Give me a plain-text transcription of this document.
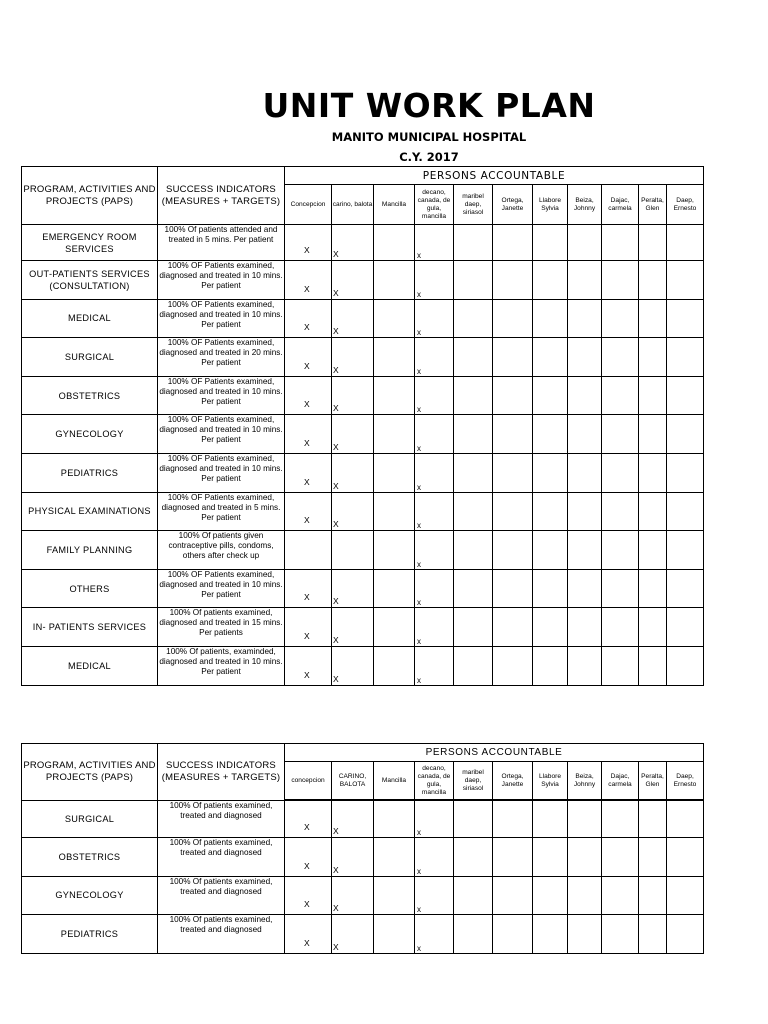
UNIT WORK PLAN
MANITO MUNICIPAL HOSPITAL
C.Y. 2017
PROGRAM, ACTIVITIES AND PROJECTS (PAPS)	SUCCESS INDICATORS (MEASURES + TARGETS)	PERSONS ACCOUNTABLE										
		Concepcion	carino, balota	Mancilla	decano, canada, de gula, mancilla	maribel daep, siriasol	Ortega, Janette	Llabore Sylvia	Beiza, Johnny	Dajac, carmela	Peralta, Glen	Daep, Ernesto
EMERGENCY ROOM SERVICES	100% Of patients attended and treated in 5 mins. Per patient	X	X		x							

OUT-PATIENTS SERVICES (CONSULTATION)	100% OF Patients examined, diagnosed and treated in 10 mins. Per patient	X	X		x							

MEDICAL	100% OF Patients examined, diagnosed and treated in 10 mins. Per patient	X	X		x							

SURGICAL	100% OF Patients examined, diagnosed and treated in 20 mins. Per patient	X	X		x							

OBSTETRICS	100% OF Patients examined, diagnosed and treated in 10 mins. Per patient	X	X		x							

GYNECOLOGY	100% OF Patients examined, diagnosed and treated in 10 mins. Per patient	X	X		x							

PEDIATRICS	100% OF Patients examined, diagnosed and treated in 10 mins. Per patient	X	X		x							

PHYSICAL EXAMINATIONS	100% OF Patients examined, diagnosed and treated in 5 mins. Per patient	X	X		x							

FAMILY PLANNING	100% Of patients given contraceptive pills, condoms, others after check up				x							

OTHERS	100% OF Patients examined, diagnosed and treated in 10 mins. Per patient	X	X		x							

IN- PATIENTS SERVICES	100% Of patients examined, diagnosed and treated in 15 mins. Per patients	X	X		x							

MEDICAL	100% Of patients, examinded, diagnosed and treated in 10 mins. Per patient	X	X		x							

PROGRAM, ACTIVITIES AND PROJECTS (PAPS)	SUCCESS INDICATORS (MEASURES + TARGETS)	PERSONS ACCOUNTABLE										
		concepcion	CARINO, BALOTA	Mancilla	decano, canada, de gula, mancilla	maribel daep, siriasol	Ortega, Janette	Llabore Sylvia	Beiza, Johnny	Dajac, carmela	Peralta, Glen	Daep, Ernesto

SURGICAL	100% Of patients examined, treated and diagnosed	X	X		x							

OBSTETRICS	100% Of patients examined, treated and diagnosed	X	X		x							

GYNECOLOGY	100% Of patients examined, treated and diagnosed	X	X		x							

PEDIATRICS	100% Of patients examined, treated and diagnosed	X	X		x							
